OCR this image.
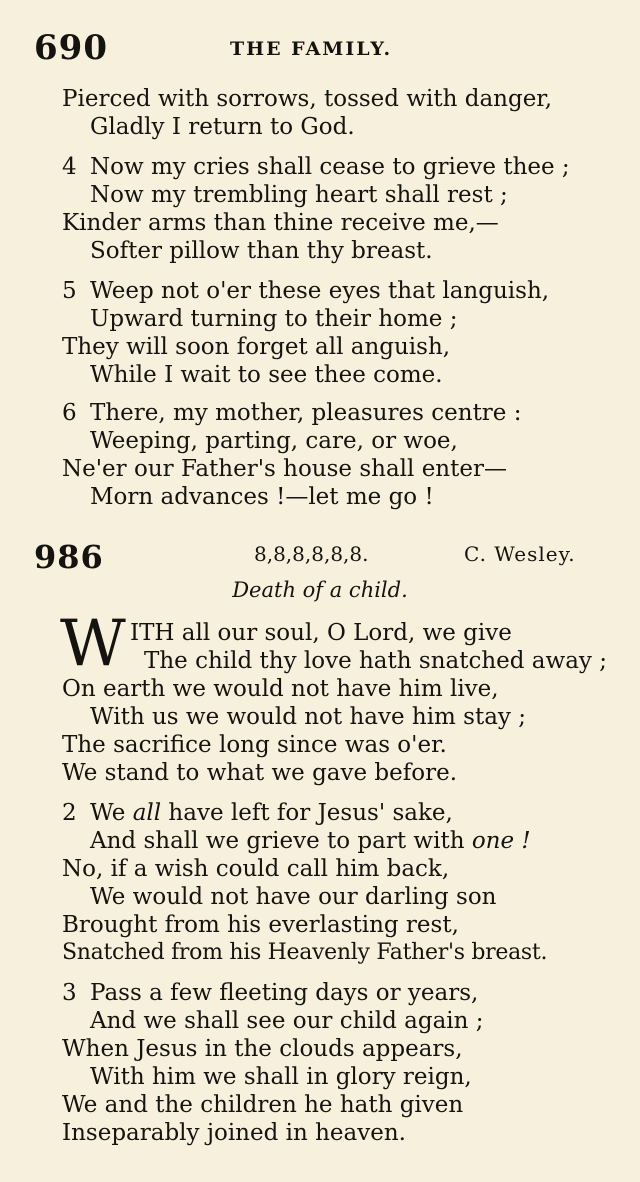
690	THE FAMILY.
Pierced with sorrows, tossed with danger,
Gladly I return to God.
4 Now my cries shall cease to grieve thee ;
Now my trembling heart shall rest ;
Kinder arms than thine receive me,—
Softer pillow than thy breast.
5 Weep not o'er these eyes that languish,
Upward turning to their home ;
They will soon forget all anguish,
While I wait to see thee come.
6 There, my mother, pleasures centre :
Weeping, parting, care, or woe,
Ne'er our Father's house shall enter—
Morn advances !—let me go !
986	8,8,8,8,8,8.	C. Wesley.
Death of a child.
W ITH all our soul, O Lord, we give
The child thy love hath snatched away ;
On earth we would not have him live,
With us we would not have him stay ;
The sacrifice long since was o'er.
We stand to what we gave before.
2 We all have left for Jesus' sake,
And shall we grieve to part with one !
No, if a wish could call him back,
We would not have our darling son
Brought from his everlasting rest,
Snatched from his Heavenly Father's breast.
3 Pass a few fleeting days or years,
And we shall see our child again ;
When Jesus in the clouds appears,
With him we shall in glory reign,
We and the children he hath given
Inseparably joined in heaven.
